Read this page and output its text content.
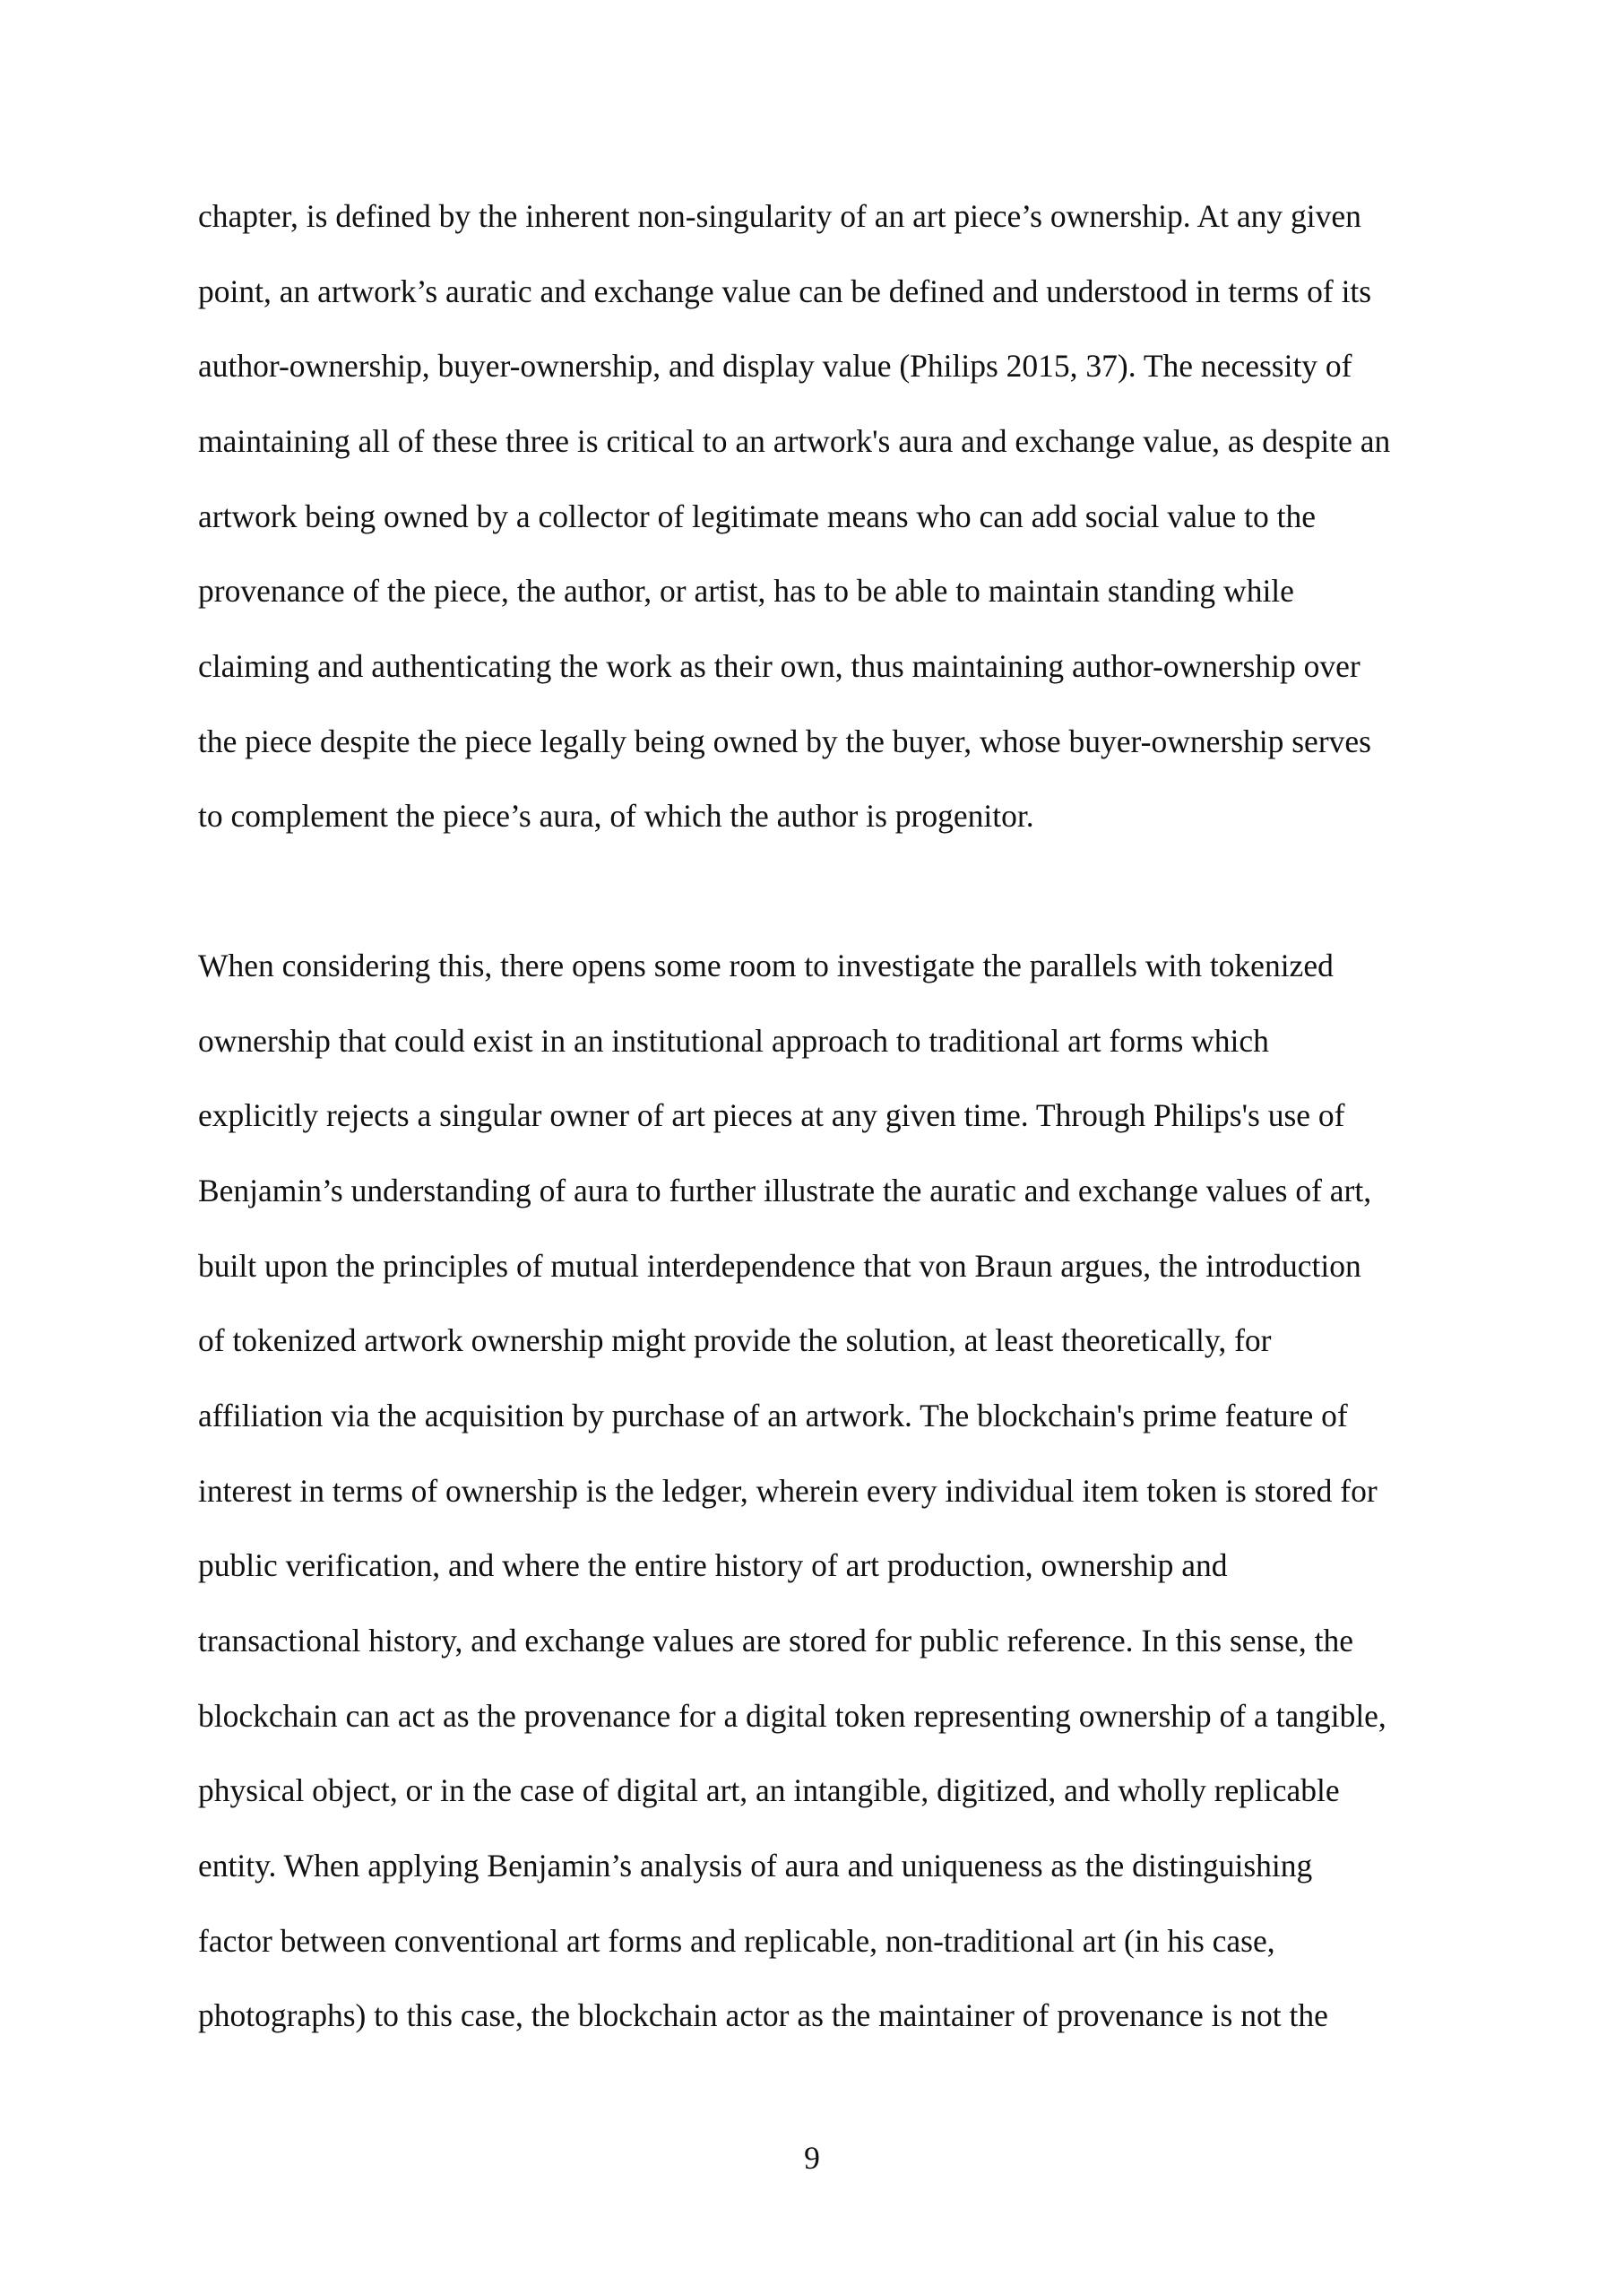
chapter, is defined by the inherent non-singularity of an art piece’s ownership. At any given

point, an artwork’s auratic and exchange value can be defined and understood in terms of its

author-ownership, buyer-ownership, and display value (Philips 2015, 37). The necessity of

maintaining all of these three is critical to an artwork's aura and exchange value, as despite an

artwork being owned by a collector of legitimate means who can add social value to the

provenance of the piece, the author, or artist, has to be able to maintain standing while

claiming and authenticating the work as their own, thus maintaining author-ownership over

the piece despite the piece legally being owned by the buyer, whose buyer-ownership serves

to complement the piece’s aura, of which the author is progenitor.

When considering this, there opens some room to investigate the parallels with tokenized

ownership that could exist in an institutional approach to traditional art forms which

explicitly rejects a singular owner of art pieces at any given time. Through Philips's use of

Benjamin’s understanding of aura to further illustrate the auratic and exchange values of art,

built upon the principles of mutual interdependence that von Braun argues, the introduction

of tokenized artwork ownership might provide the solution, at least theoretically, for

affiliation via the acquisition by purchase of an artwork. The blockchain's prime feature of

interest in terms of ownership is the ledger, wherein every individual item token is stored for

public verification, and where the entire history of art production, ownership and

transactional history, and exchange values are stored for public reference. In this sense, the

blockchain can act as the provenance for a digital token representing ownership of a tangible,

physical object, or in the case of digital art, an intangible, digitized, and wholly replicable

entity. When applying Benjamin’s analysis of aura and uniqueness as the distinguishing

factor between conventional art forms and replicable, non-traditional art (in his case,

photographs) to this case, the blockchain actor as the maintainer of provenance is not the

9
